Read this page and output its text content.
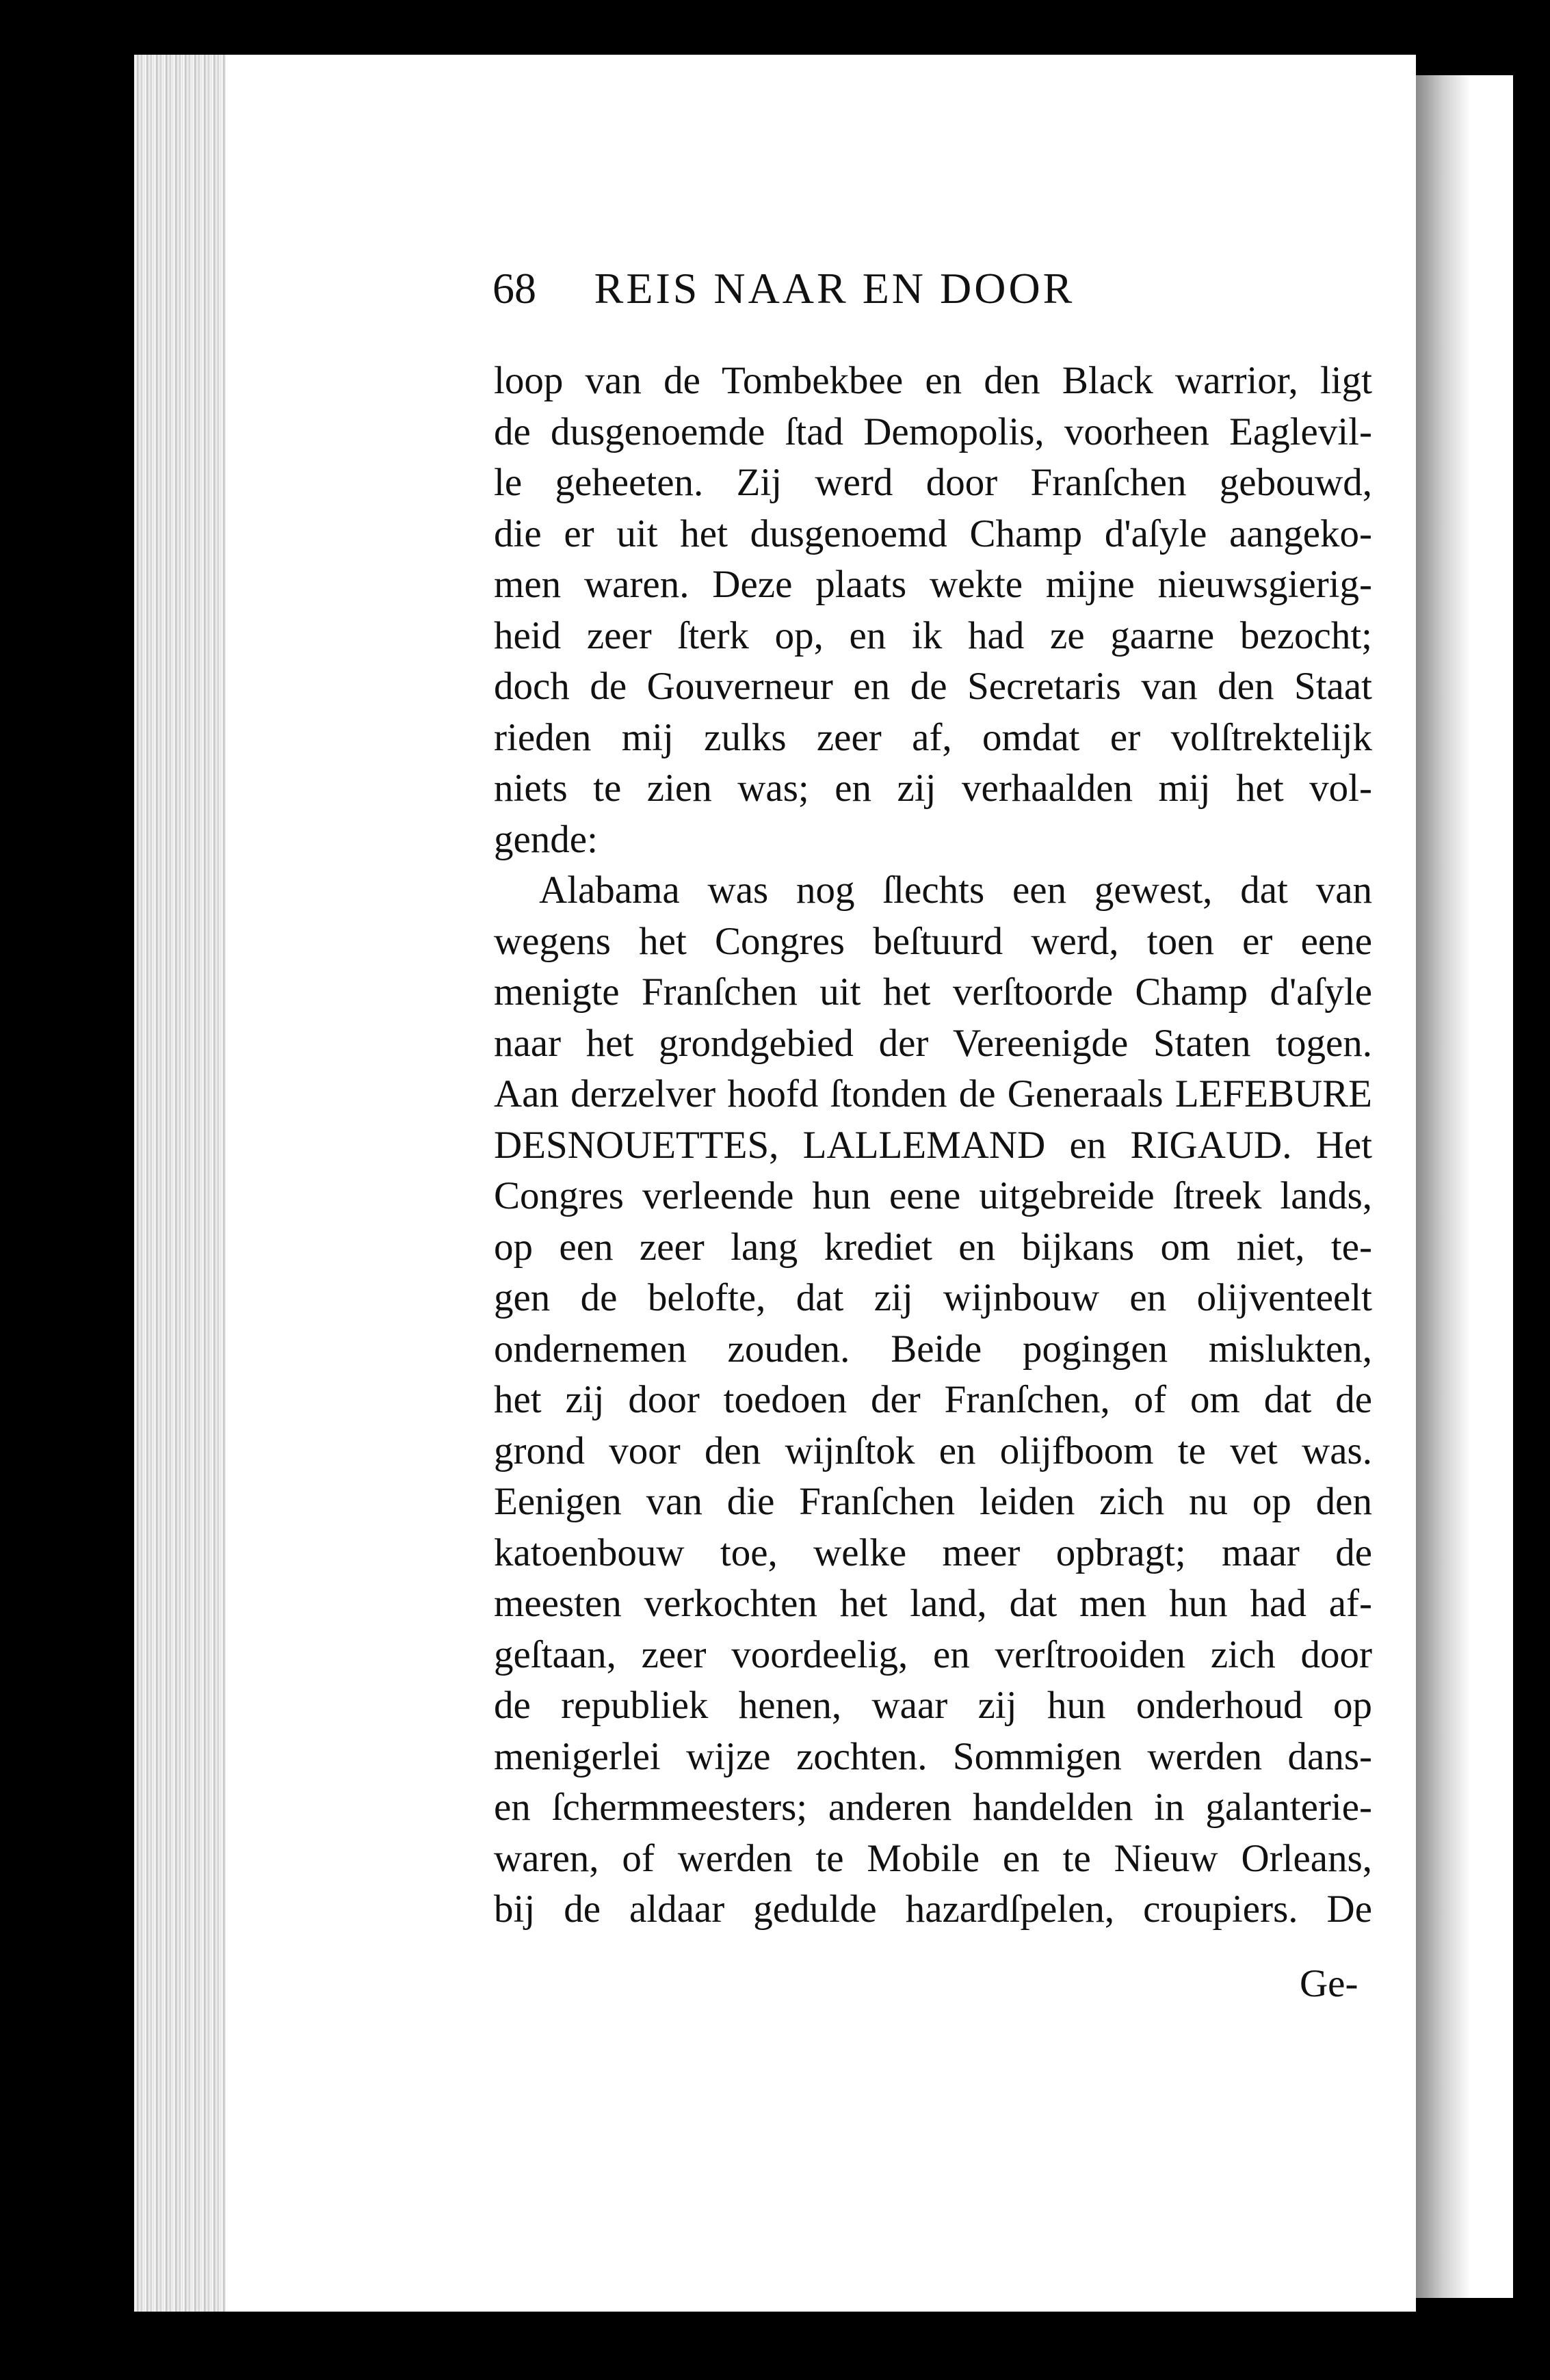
68	REIS NAAR EN DOOR
loop van de Tombekbee en den Black warrior, ligt
de dusgenoemde ſtad Demopolis, voorheen Eaglevil-
le geheeten. Zij werd door Franſchen gebouwd,
die er uit het dusgenoemd Champ d'aſyle aangeko-
men waren. Deze plaats wekte mijne nieuwsgierig-
heid zeer ſterk op, en ik had ze gaarne bezocht;
doch de Gouverneur en de Secretaris van den Staat
rieden mij zulks zeer af, omdat er volſtrektelijk
niets te zien was; en zij verhaalden mij het vol-
gende:
Alabama was nog ſlechts een gewest, dat van
wegens het Congres beſtuurd werd, toen er eene
menigte Franſchen uit het verſtoorde Champ d'aſyle
naar het grondgebied der Vereenigde Staten togen.
Aan derzelver hoofd ſtonden de Generaals LEFEBURE
DESNOUETTES, LALLEMAND en RIGAUD. Het
Congres verleende hun eene uitgebreide ſtreek lands,
op een zeer lang krediet en bijkans om niet, te-
gen de belofte, dat zij wijnbouw en olijventeelt
ondernemen zouden. Beide pogingen mislukten,
het zij door toedoen der Franſchen, of om dat de
grond voor den wijnſtok en olijfboom te vet was.
Eenigen van die Franſchen leiden zich nu op den
katoenbouw toe, welke meer opbragt; maar de
meesten verkochten het land, dat men hun had af-
geſtaan, zeer voordeelig, en verſtrooiden zich door
de republiek henen, waar zij hun onderhoud op
menigerlei wijze zochten. Sommigen werden dans-
en ſchermmeesters; anderen handelden in galanterie-
waren, of werden te Mobile en te Nieuw Orleans,
bij de aldaar gedulde hazardſpelen, croupiers. De
Ge-
C
C
r
I
l
v
v
e
f
I
v
v
f
h
I
ſi
I
v
n
i
p
d
n
v
d
d
k
H
c
ri
